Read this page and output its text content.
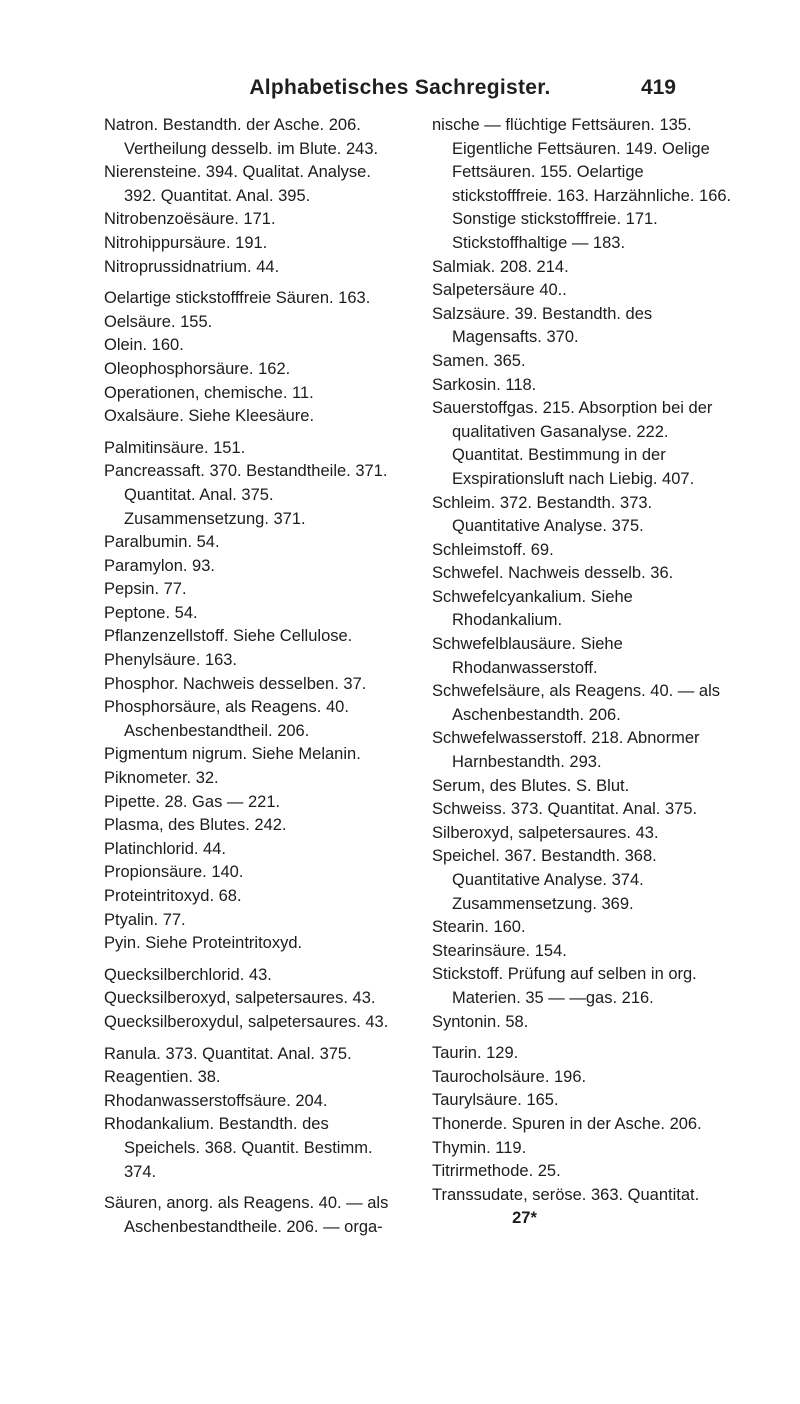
Alphabetisches Sachregister.	419
Natron. Bestandth. der Asche. 206. Vertheilung desselb. im Blute. 243.
Nierensteine. 394. Qualitat. Analyse. 392. Quantitat. Anal. 395.
Nitrobenzoësäure. 171.
Nitrohippursäure. 191.
Nitroprussidnatrium. 44.
Oelartige stickstofffreie Säuren. 163.
Oelsäure. 155.
Olein. 160.
Oleophosphorsäure. 162.
Operationen, chemische. 11.
Oxalsäure. Siehe Kleesäure.
Palmitinsäure. 151.
Pancreassaft. 370. Bestandtheile. 371. Quantitat. Anal. 375. Zusammensetzung. 371.
Paralbumin. 54.
Paramylon. 93.
Pepsin. 77.
Peptone. 54.
Pflanzenzellstoff. Siehe Cellulose.
Phenylsäure. 163.
Phosphor. Nachweis desselben. 37.
Phosphorsäure, als Reagens. 40. Aschenbestandtheil. 206.
Pigmentum nigrum. Siehe Melanin.
Piknometer. 32.
Pipette. 28. Gas — 221.
Plasma, des Blutes. 242.
Platinchlorid. 44.
Propionsäure. 140.
Proteintritoxyd. 68.
Ptyalin. 77.
Pyin. Siehe Proteintritoxyd.
Quecksilberchlorid. 43.
Quecksilberoxyd, salpetersaures. 43.
Quecksilberoxydul, salpetersaures. 43.
Ranula. 373. Quantitat. Anal. 375.
Reagentien. 38.
Rhodanwasserstoffsäure. 204.
Rhodankalium. Bestandth. des Speichels. 368. Quantit. Bestimm. 374.
Säuren, anorg. als Reagens. 40. — als Aschenbestandtheile. 206. — orga-
nische — flüchtige Fettsäuren. 135. Eigentliche Fettsäuren. 149. Oelige Fettsäuren. 155. Oelartige stickstofffreie. 163. Harzähnliche. 166. Sonstige stickstofffreie. 171. Stickstoffhaltige — 183.
Salmiak. 208. 214.
Salpetersäure 40..
Salzsäure. 39. Bestandth. des Magensafts. 370.
Samen. 365.
Sarkosin. 118.
Sauerstoffgas. 215. Absorption bei der qualitativen Gasanalyse. 222. Quantitat. Bestimmung in der Exspirationsluft nach Liebig. 407.
Schleim. 372. Bestandth. 373. Quantitative Analyse. 375.
Schleimstoff. 69.
Schwefel. Nachweis desselb. 36.
Schwefelcyankalium. Siehe Rhodankalium.
Schwefelblausäure. Siehe Rhodanwasserstoff.
Schwefelsäure, als Reagens. 40. — als Aschenbestandth. 206.
Schwefelwasserstoff. 218. Abnormer Harnbestandth. 293.
Serum, des Blutes. S. Blut.
Schweiss. 373. Quantitat. Anal. 375.
Silberoxyd, salpetersaures. 43.
Speichel. 367. Bestandth. 368. Quantitative Analyse. 374. Zusammensetzung. 369.
Stearin. 160.
Stearinsäure. 154.
Stickstoff. Prüfung auf selben in org. Materien. 35 — —gas. 216.
Syntonin. 58.
Taurin. 129.
Taurocholsäure. 196.
Taurylsäure. 165.
Thonerde. Spuren in der Asche. 206.
Thymin. 119.
Titrirmethode. 25.
Transsudate, seröse. 363. Quantitat.
27*
